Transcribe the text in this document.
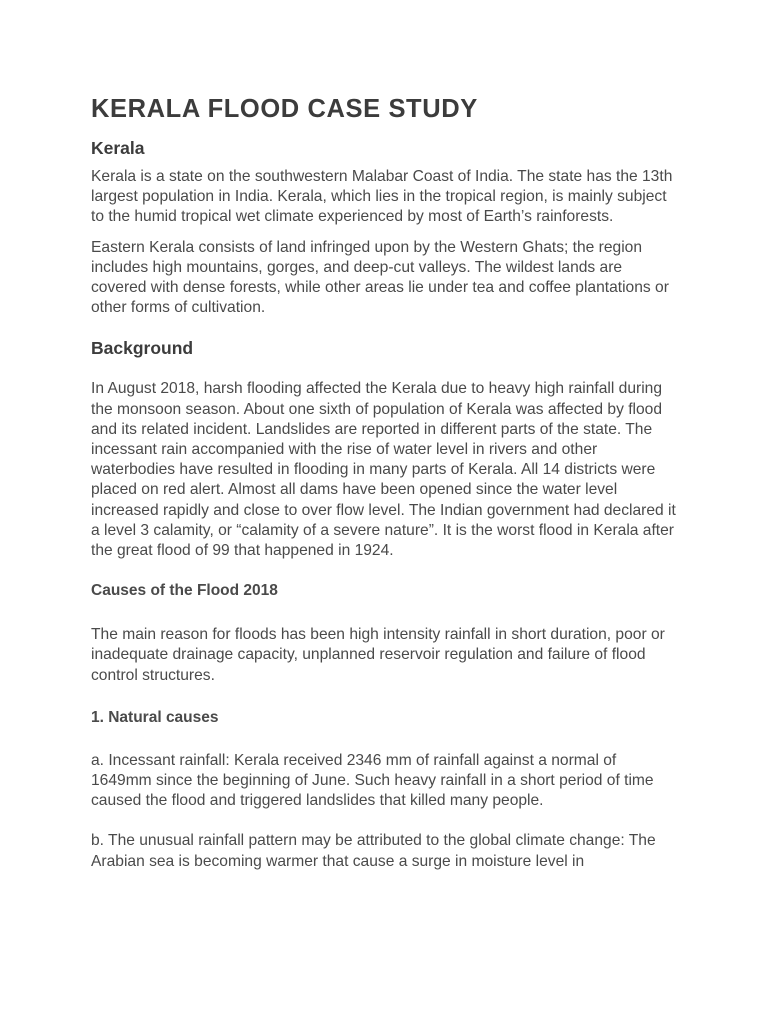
KERALA FLOOD CASE STUDY
Kerala

Kerala is a state on the southwestern Malabar Coast of India. The state has the 13th largest population in India. Kerala, which lies in the tropical region, is mainly subject to the humid tropical wet climate experienced by most of Earth’s rainforests.

Eastern Kerala consists of land infringed upon by the Western Ghats; the region includes high mountains, gorges, and deep-cut valleys. The wildest lands are covered with dense forests, while other areas lie under tea and coffee plantations or other forms of cultivation.

Background

In August 2018, harsh flooding affected the Kerala due to heavy high rainfall during the monsoon season. About one sixth of population of Kerala was affected by flood and its related incident. Landslides are reported in different parts of the state. The incessant rain accompanied with the rise of water level in rivers and other waterbodies have resulted in flooding in many parts of Kerala. All 14 districts were placed on red alert. Almost all dams have been opened since the water level increased rapidly and close to over flow level. The Indian government had declared it a level 3 calamity, or “calamity of a severe nature”. It is the worst flood in Kerala after the great flood of 99 that happened in 1924.

Causes of the Flood 2018

The main reason for floods has been high intensity rainfall in short duration, poor or inadequate drainage capacity, unplanned reservoir regulation and failure of flood control structures.

1. Natural causes

a. Incessant rainfall: Kerala received 2346 mm of rainfall against a normal of 1649mm since the beginning of June. Such heavy rainfall in a short period of time caused the flood and triggered landslides that killed many people.

b. The unusual rainfall pattern may be attributed to the global climate change: The Arabian sea is becoming warmer that cause a surge in moisture level in
